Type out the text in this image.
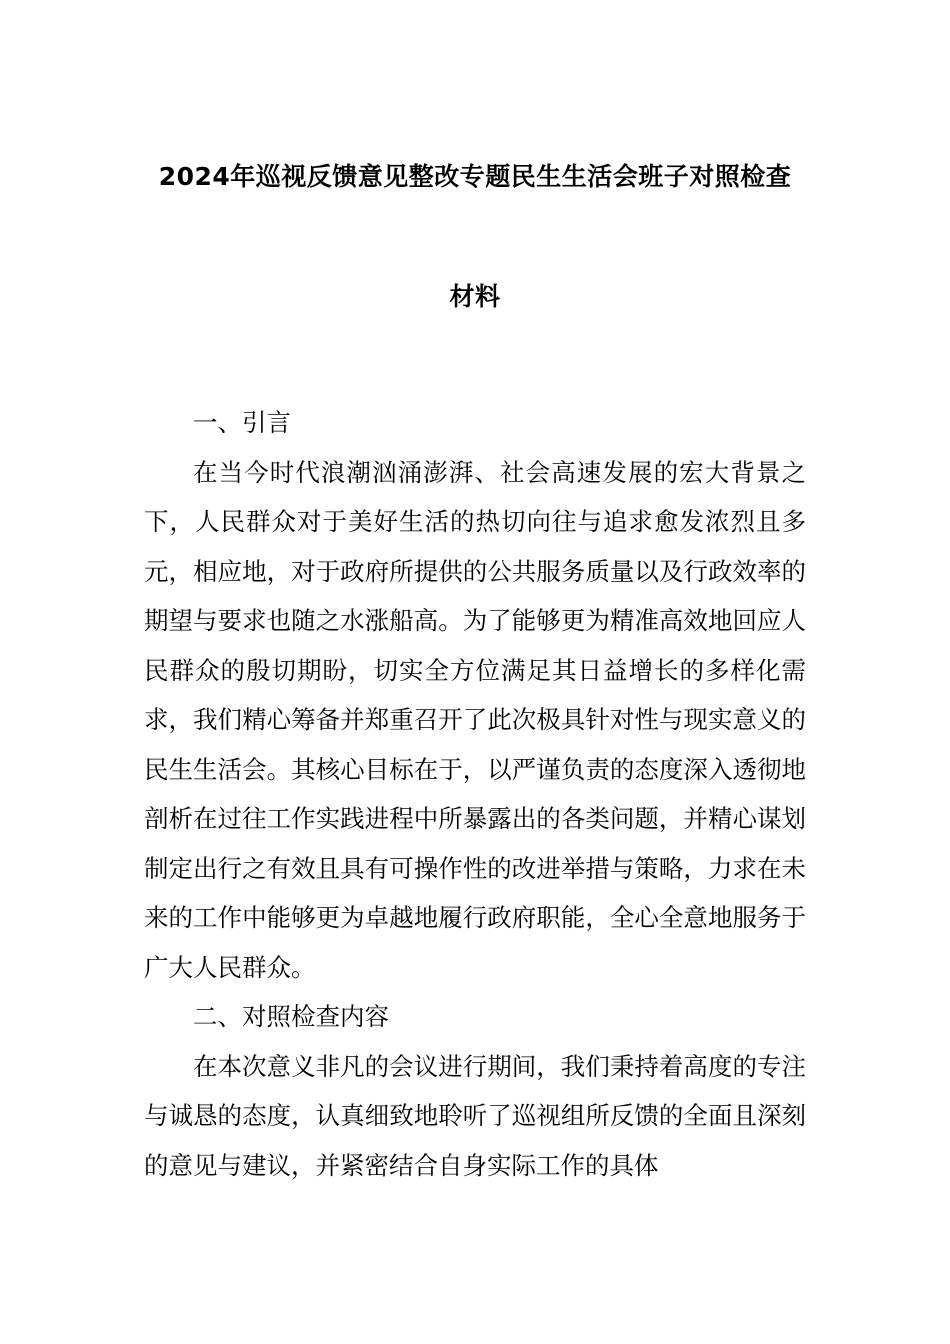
2024年巡视反馈意见整改专题民生生活会班子对照检查
材料

一、引言

在当今时代浪潮汹涌澎湃、社会高速发展的宏大背景之下，人民群众对于美好生活的热切向往与追求愈发浓烈且多元，相应地，对于政府所提供的公共服务质量以及行政效率的期望与要求也随之水涨船高。为了能够更为精准高效地回应人民群众的殷切期盼，切实全方位满足其日益增长的多样化需求，我们精心筹备并郑重召开了此次极具针对性与现实意义的民生生活会。其核心目标在于，以严谨负责的态度深入透彻地剖析在过往工作实践进程中所暴露出的各类问题，并精心谋划制定出行之有效且具有可操作性的改进举措与策略，力求在未来的工作中能够更为卓越地履行政府职能，全心全意地服务于广大人民群众。

二、对照检查内容

在本次意义非凡的会议进行期间，我们秉持着高度的专注与诚恳的态度，认真细致地聆听了巡视组所反馈的全面且深刻的意见与建议，并紧密结合自身实际工作的具体
